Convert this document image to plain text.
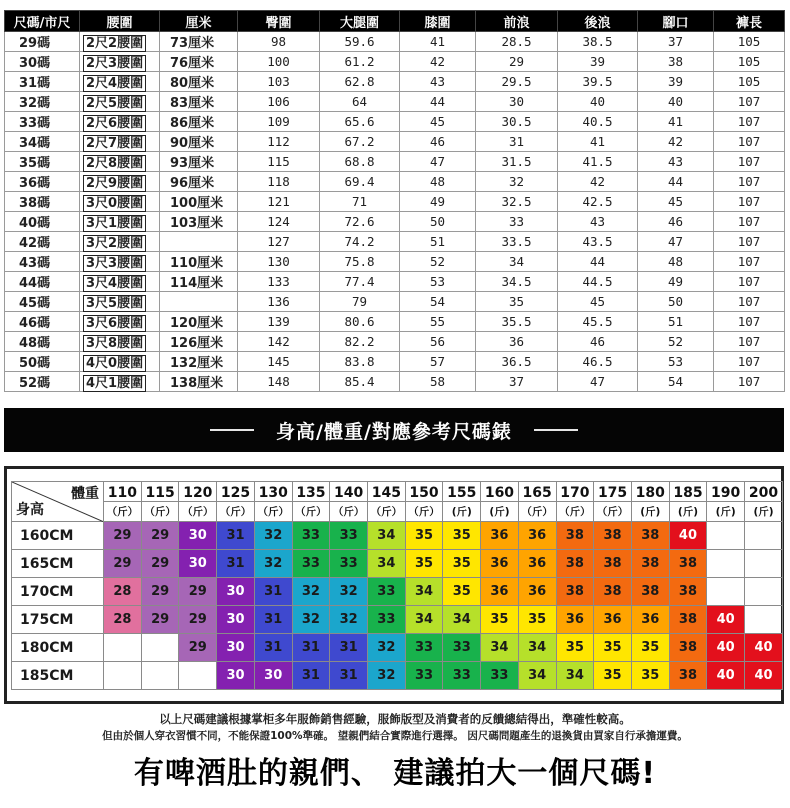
尺碼/市尺	腰圍	厘米	臀圍	大腿圍	膝圍	前浪	後浪	腳口	褲長
29碼	2尺2腰圍	73厘米	98	59.6	41	28.5	38.5	37	105
30碼	2尺3腰圍	76厘米	100	61.2	42	29	39	38	105
31碼	2尺4腰圍	80厘米	103	62.8	43	29.5	39.5	39	105
32碼	2尺5腰圍	83厘米	106	64	44	30	40	40	107
33碼	2尺6腰圍	86厘米	109	65.6	45	30.5	40.5	41	107
34碼	2尺7腰圍	90厘米	112	67.2	46	31	41	42	107
35碼	2尺8腰圍	93厘米	115	68.8	47	31.5	41.5	43	107
36碼	2尺9腰圍	96厘米	118	69.4	48	32	42	44	107
38碼	3尺0腰圍	100厘米	121	71	49	32.5	42.5	45	107
40碼	3尺1腰圍	103厘米	124	72.6	50	33	43	46	107
42碼	3尺2腰圍		127	74.2	51	33.5	43.5	47	107
43碼	3尺3腰圍	110厘米	130	75.8	52	34	44	48	107
44碼	3尺4腰圍	114厘米	133	77.4	53	34.5	44.5	49	107
45碼	3尺5腰圍		136	79	54	35	45	50	107
46碼	3尺6腰圍	120厘米	139	80.6	55	35.5	45.5	51	107
48碼	3尺8腰圍	126厘米	142	82.2	56	36	46	52	107
50碼	4尺0腰圍	132厘米	145	83.8	57	36.5	46.5	53	107
52碼	4尺1腰圍	138厘米	148	85.4	58	37	47	54	107
身高/體重/對應參考尺碼錶
體重
身高	110	115	120	125	130	135	140	145	150	155	160	165	170	175	180	185	190	200
	（斤）	（斤）	（斤）	（斤）	（斤）	（斤）	（斤）	（斤）	（斤）	(斤)	(斤)	（斤）	（斤）	（斤）	(斤)	(斤)	(斤)	(斤)
160CM	29	29	30	31	32	33	33	34	35	35	36	36	38	38	38	40		
165CM	29	29	30	31	32	33	33	34	35	35	36	36	38	38	38	38		
170CM	28	29	29	30	31	32	32	33	34	35	36	36	38	38	38	38		
175CM	28	29	29	30	31	32	32	33	34	34	35	35	36	36	36	38	40	
180CM			29	30	31	31	31	32	33	33	34	34	35	35	35	38	40	40
185CM				30	30	31	31	32	33	33	33	34	34	35	35	38	40	40
以上尺碼建議根據掌柜多年服飾銷售經驗，服飾版型及消費者的反饋總結得出，準確性較高。
但由於個人穿衣習慣不同，不能保證100%準確。 望親們結合實際進行選擇。 因尺碼問題產生的退換貨由買家自行承擔運費。
有啤酒肚的親們、 建議拍大一個尺碼!
